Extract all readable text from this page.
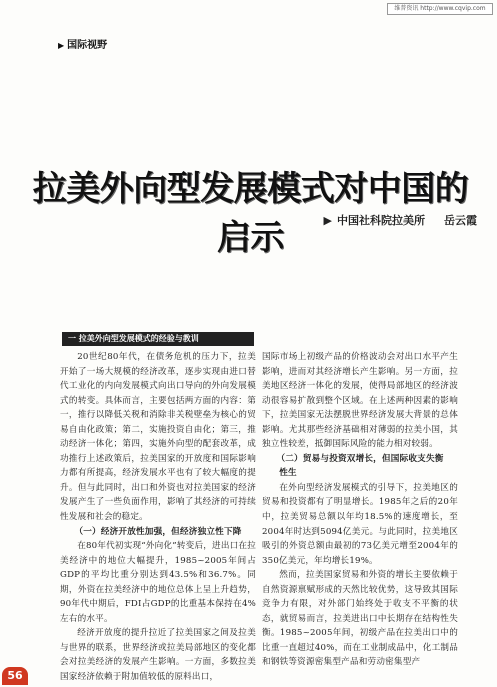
维普资讯 http://www.cqvip.com
▶ 国际视野
拉美外向型发展模式对中国的启示	▶ 中国社科院拉美所 岳云霞
一 拉美外向型发展模式的经验与教训

20世纪80年代，在债务危机的压力下，拉美开始了一场大规模的经济改革，逐步实现由进口替代工业化的内向发展模式向出口导向的外向发展模式的转变。具体而言，主要包括两方面的内容：第一，推行以降低关税和消除非关税壁垒为核心的贸易自由化政策；第二，实施投资自由化；第三，推动经济一体化；第四，实施外向型的配套改革，成功推行上述政策后，拉美国家的开放度和国际影响力都有所提高，经济发展水平也有了较大幅度的提升。但与此同时，出口和外资也对拉美国家的经济发展产生了一些负面作用，影响了其经济的可持续性发展和社会的稳定。

（一）经济开放性加强，但经济独立性下降

在80年代初实现“外向化”转变后，进出口在拉美经济中的地位大幅提升，1985~2005年间占GDP的平均比重分别达到43.5%和36.7%。同期，外资在拉美经济中的地位总体上呈上升趋势，90年代中期后，FDI占GDP的比重基本保持在4%左右的水平。

经济开放度的提升拉近了拉美国家之间及拉美与世界的联系，世界经济或拉美局部地区的变化都会对拉美经济的发展产生影响。一方面，多数拉美国家经济依赖于附加值较低的原料出口，

国际市场上初级产品的价格波动会对出口水平产生影响，进而对其经济增长产生影响。另一方面，拉美地区经济一体化的发展，使得局部地区的经济波动很容易扩散到整个区域。在上述两种因素的影响下，拉美国家无法摆脱世界经济发展大背景的总体影响。尤其那些经济基础相对薄弱的拉美小国，其独立性较差，抵御国际风险的能力相对较弱。

（二）贸易与投资双增长，但国际收支失衡

性生

在外向型经济发展模式的引导下，拉美地区的贸易和投资都有了明显增长。1985年之后的20年中，拉美贸易总额以年均18.5%的速度增长，至2004年时达到5094亿美元。与此同时，拉美地区吸引的外资总额由最初的73亿美元增至2004年的350亿美元，年均增长19%。

然而，拉美国家贸易和外资的增长主要依赖于自然资源禀赋形成的天然比较优势，这导致其国际竞争力有限，对外部门始终处于收支不平衡的状态，就贸易而言，拉美进出口中长期存在结构性失衡。1985~2005年间，初级产品在拉美出口中的比重一直超过40%，而在工业制成品中，化工制品和钢铁等资源密集型产品和劳动密集型产

56
